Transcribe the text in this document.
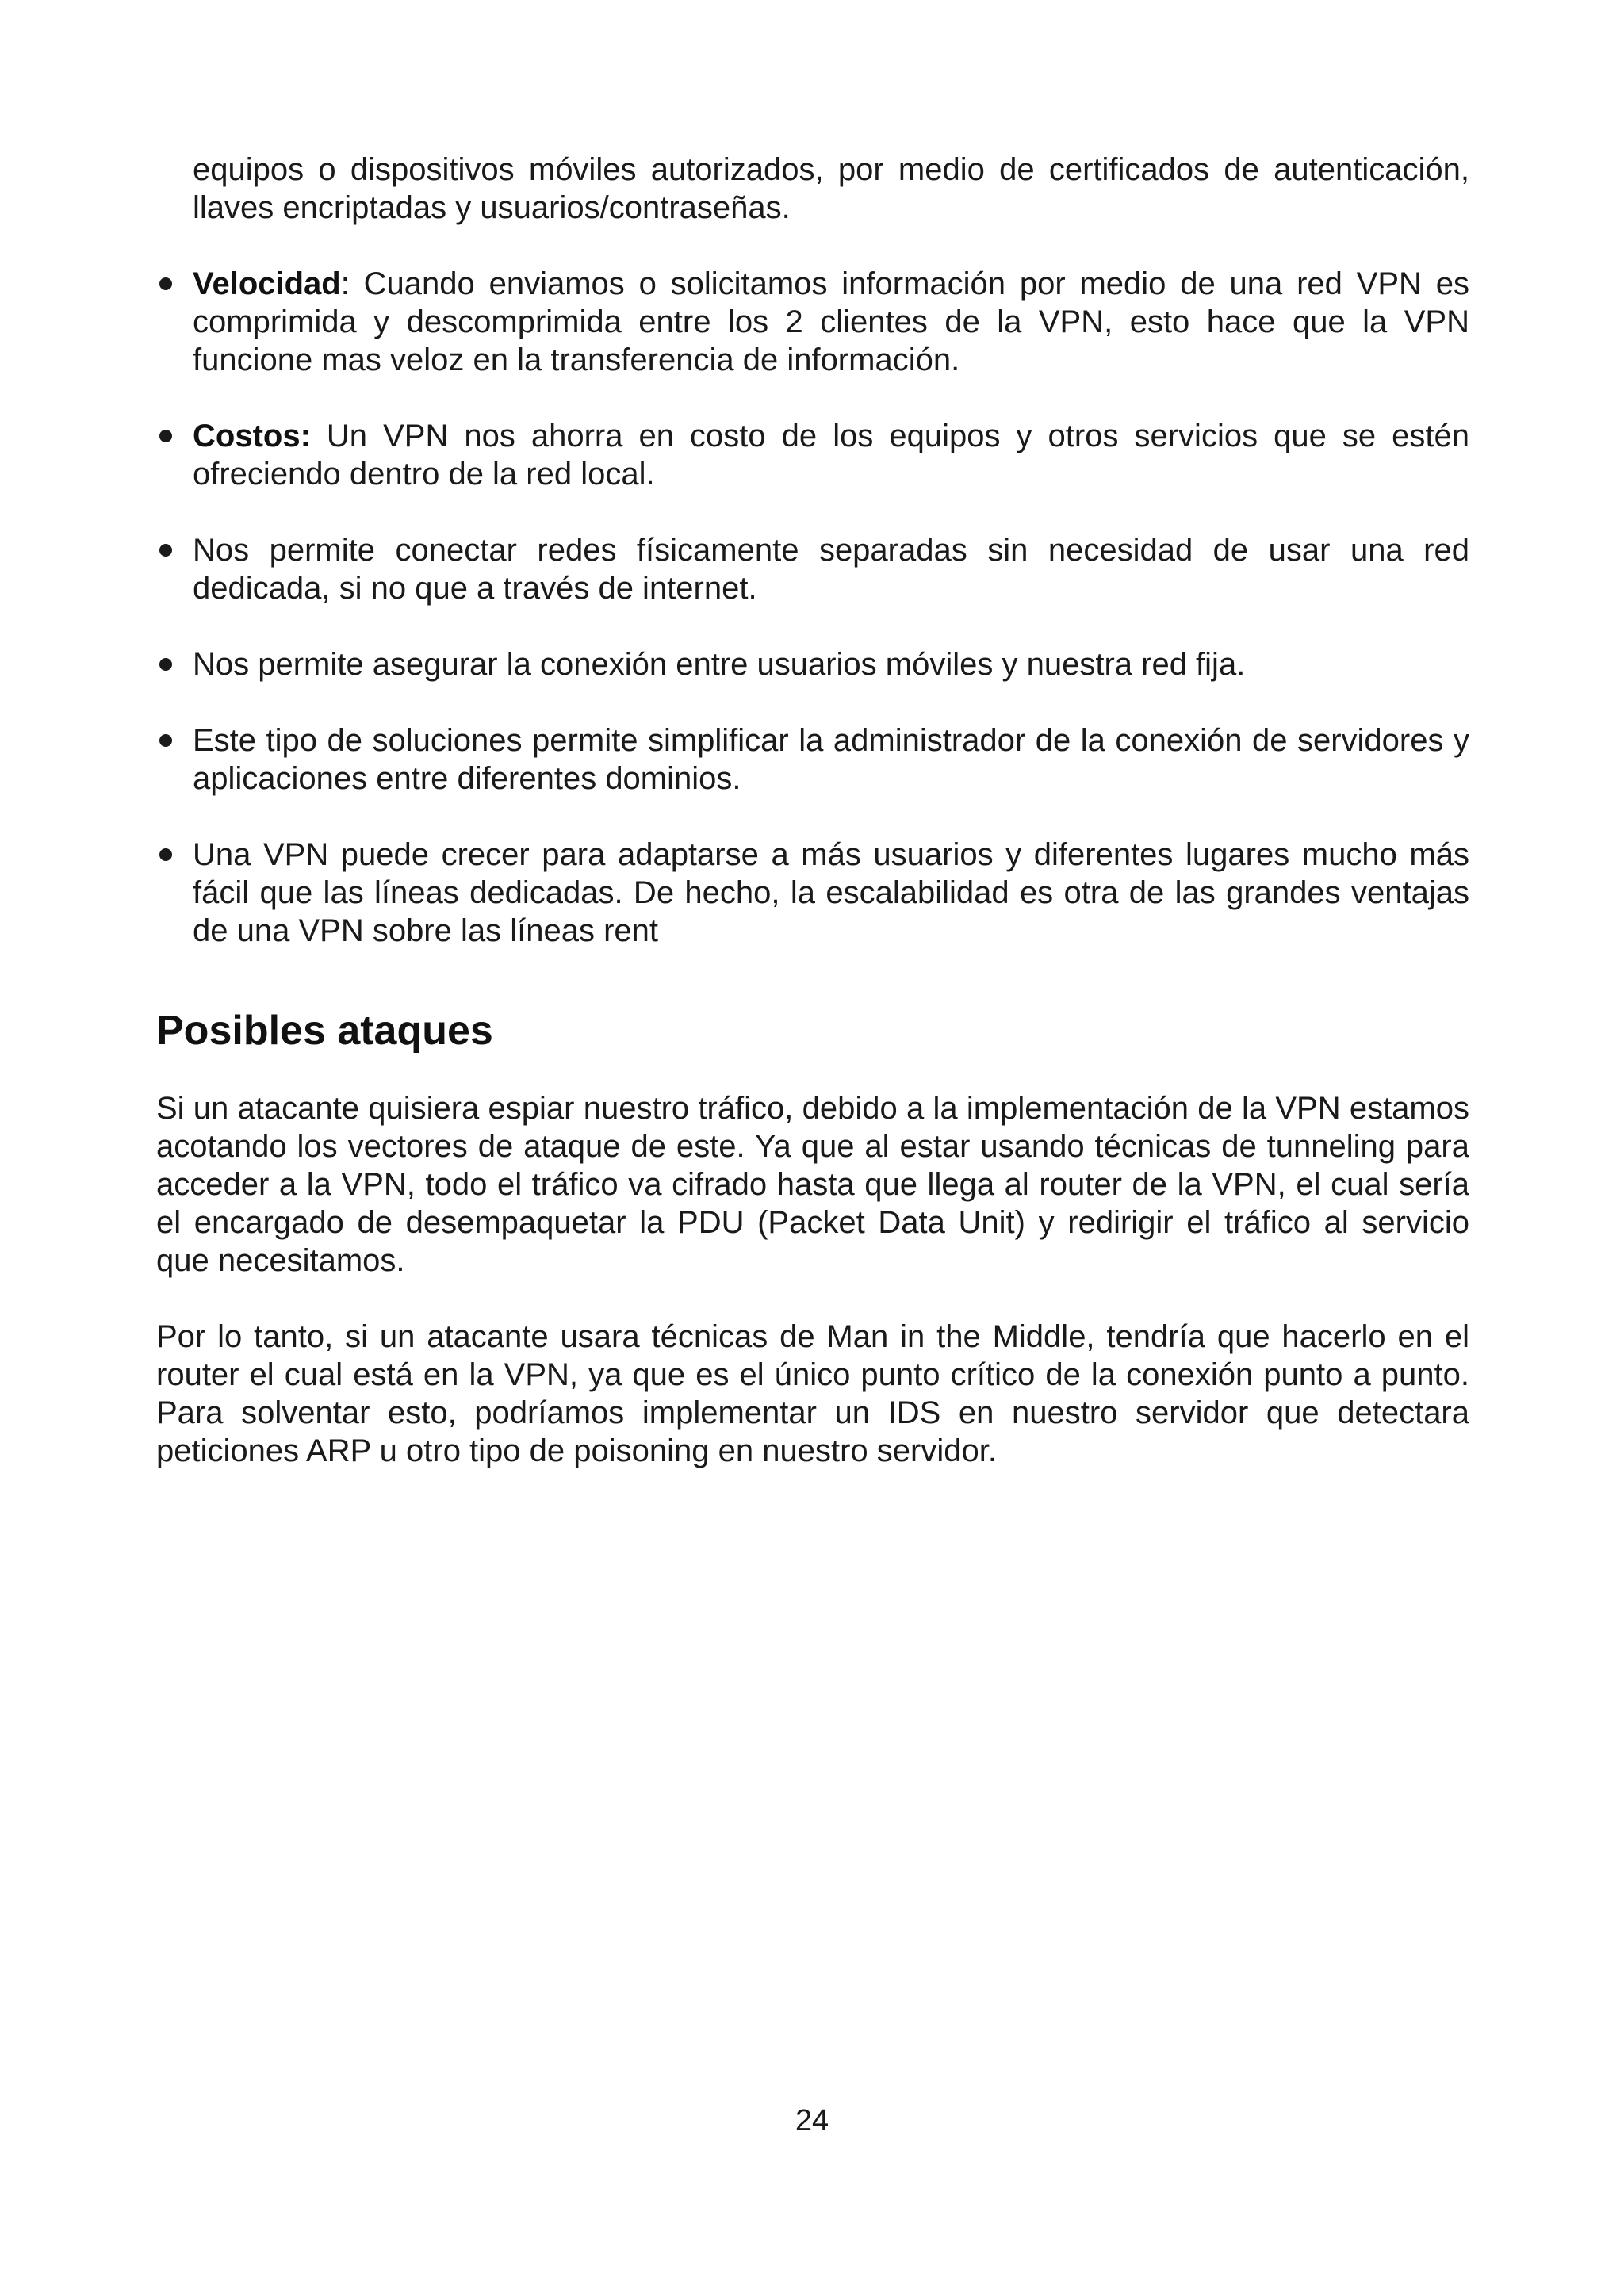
equipos o dispositivos móviles autorizados, por medio de certificados de autenticación, llaves encriptadas y usuarios/contraseñas.

Velocidad: Cuando enviamos o solicitamos información por medio de una red VPN es comprimida y descomprimida entre los 2 clientes de la VPN, esto hace que la VPN funcione mas veloz en la transferencia de información.
Costos: Un VPN nos ahorra en costo de los equipos y otros servicios que se estén ofreciendo dentro de la red local.
Nos permite conectar redes físicamente separadas sin necesidad de usar una red dedicada, si no que a través de internet.
Nos permite asegurar la conexión entre usuarios móviles y nuestra red fija.
Este tipo de soluciones permite simplificar la administrador de la conexión de servidores y aplicaciones entre diferentes dominios.
Una VPN puede crecer para adaptarse a más usuarios y diferentes lugares mucho más fácil que las líneas dedicadas. De hecho, la escalabilidad es otra de las grandes ventajas de una VPN sobre las líneas rent
Posibles ataques

Si un atacante quisiera espiar nuestro tráfico, debido a la implementación de la VPN estamos acotando los vectores de ataque de este. Ya que al estar usando técnicas de tunneling para acceder a la VPN, todo el tráfico va cifrado hasta que llega al router de la VPN, el cual sería el encargado de desempaquetar la PDU (Packet Data Unit) y redirigir el tráfico al servicio que necesitamos.

Por lo tanto, si un atacante usara técnicas de Man in the Middle, tendría que hacerlo en el router el cual está en la VPN, ya que es el único punto crítico de la conexión punto a punto. Para solventar esto, podríamos implementar un IDS en nuestro servidor que detectara peticiones ARP u otro tipo de poisoning en nuestro servidor.

24
